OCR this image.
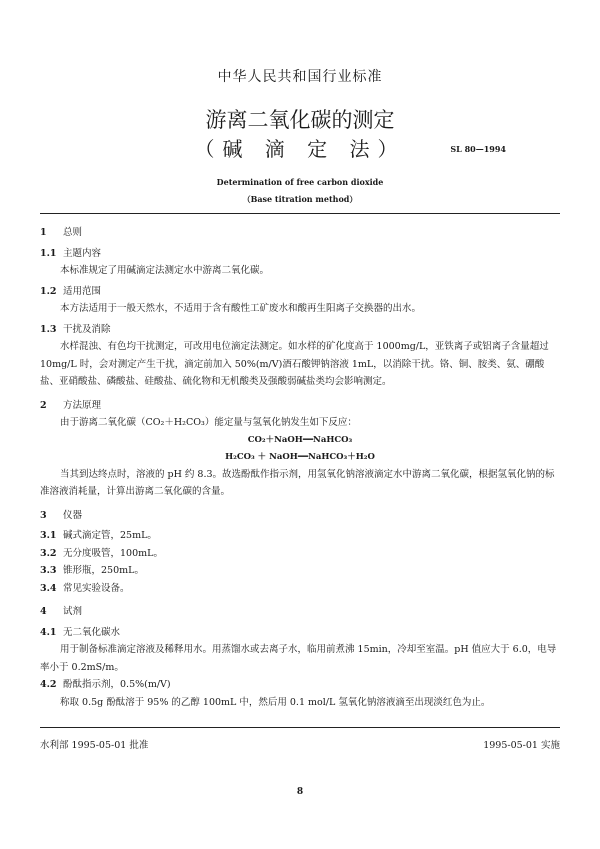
中华人民共和国行业标准
游离二氧化碳的测定
（碱 滴 定 法）	SL 80—1994
Determination of free carbon dioxide
（Base titration method）
1 总则
1.1 主题内容
本标准规定了用碱滴定法测定水中游离二氧化碳。
1.2 适用范围
本方法适用于一般天然水，不适用于含有酸性工矿废水和酸再生阳离子交换器的出水。
1.3 干扰及消除
水样混浊、有色均干扰测定，可改用电位滴定法测定。如水样的矿化度高于 1000mg/L，亚铁离子或铝离子含量超过 10mg/L 时，会对测定产生干扰，滴定前加入 50%(m/V)酒石酸钾钠溶液 1mL，以消除干扰。铬、铜、胺类、氨、硼酸盐、亚硝酸盐、磷酸盐、硅酸盐、硫化物和无机酸类及强酸弱碱盐类均会影响测定。
2 方法原理
由于游离二氧化碳（CO₂＋H₂CO₃）能定量与氢氧化钠发生如下反应：
CO₂＋NaOH━━NaHCO₃
H₂CO₃ ＋ NaOH━━NaHCO₃＋H₂O
当其到达终点时，溶液的 pH 约 8.3。故选酚酞作指示剂，用氢氧化钠溶液滴定水中游离二氧化碳，根据氢氧化钠的标准溶液消耗量，计算出游离二氧化碳的含量。
3 仪器
3.1 碱式滴定管，25mL。
3.2 无分度吸管，100mL。
3.3 锥形瓶，250mL。
3.4 常见实验设备。
4 试剂
4.1 无二氧化碳水
用于制备标准滴定溶液及稀释用水。用蒸馏水或去离子水，临用前煮沸 15min，冷却至室温。pH 值应大于 6.0，电导率小于 0.2mS/m。
4.2 酚酞指示剂，0.5%(m/V)
称取 0.5g 酚酞溶于 95% 的乙醇 100mL 中，然后用 0.1 mol/L 氢氧化钠溶液滴至出现淡红色为止。
水利部 1995-05-01 批准	1995-05-01 实施
8
